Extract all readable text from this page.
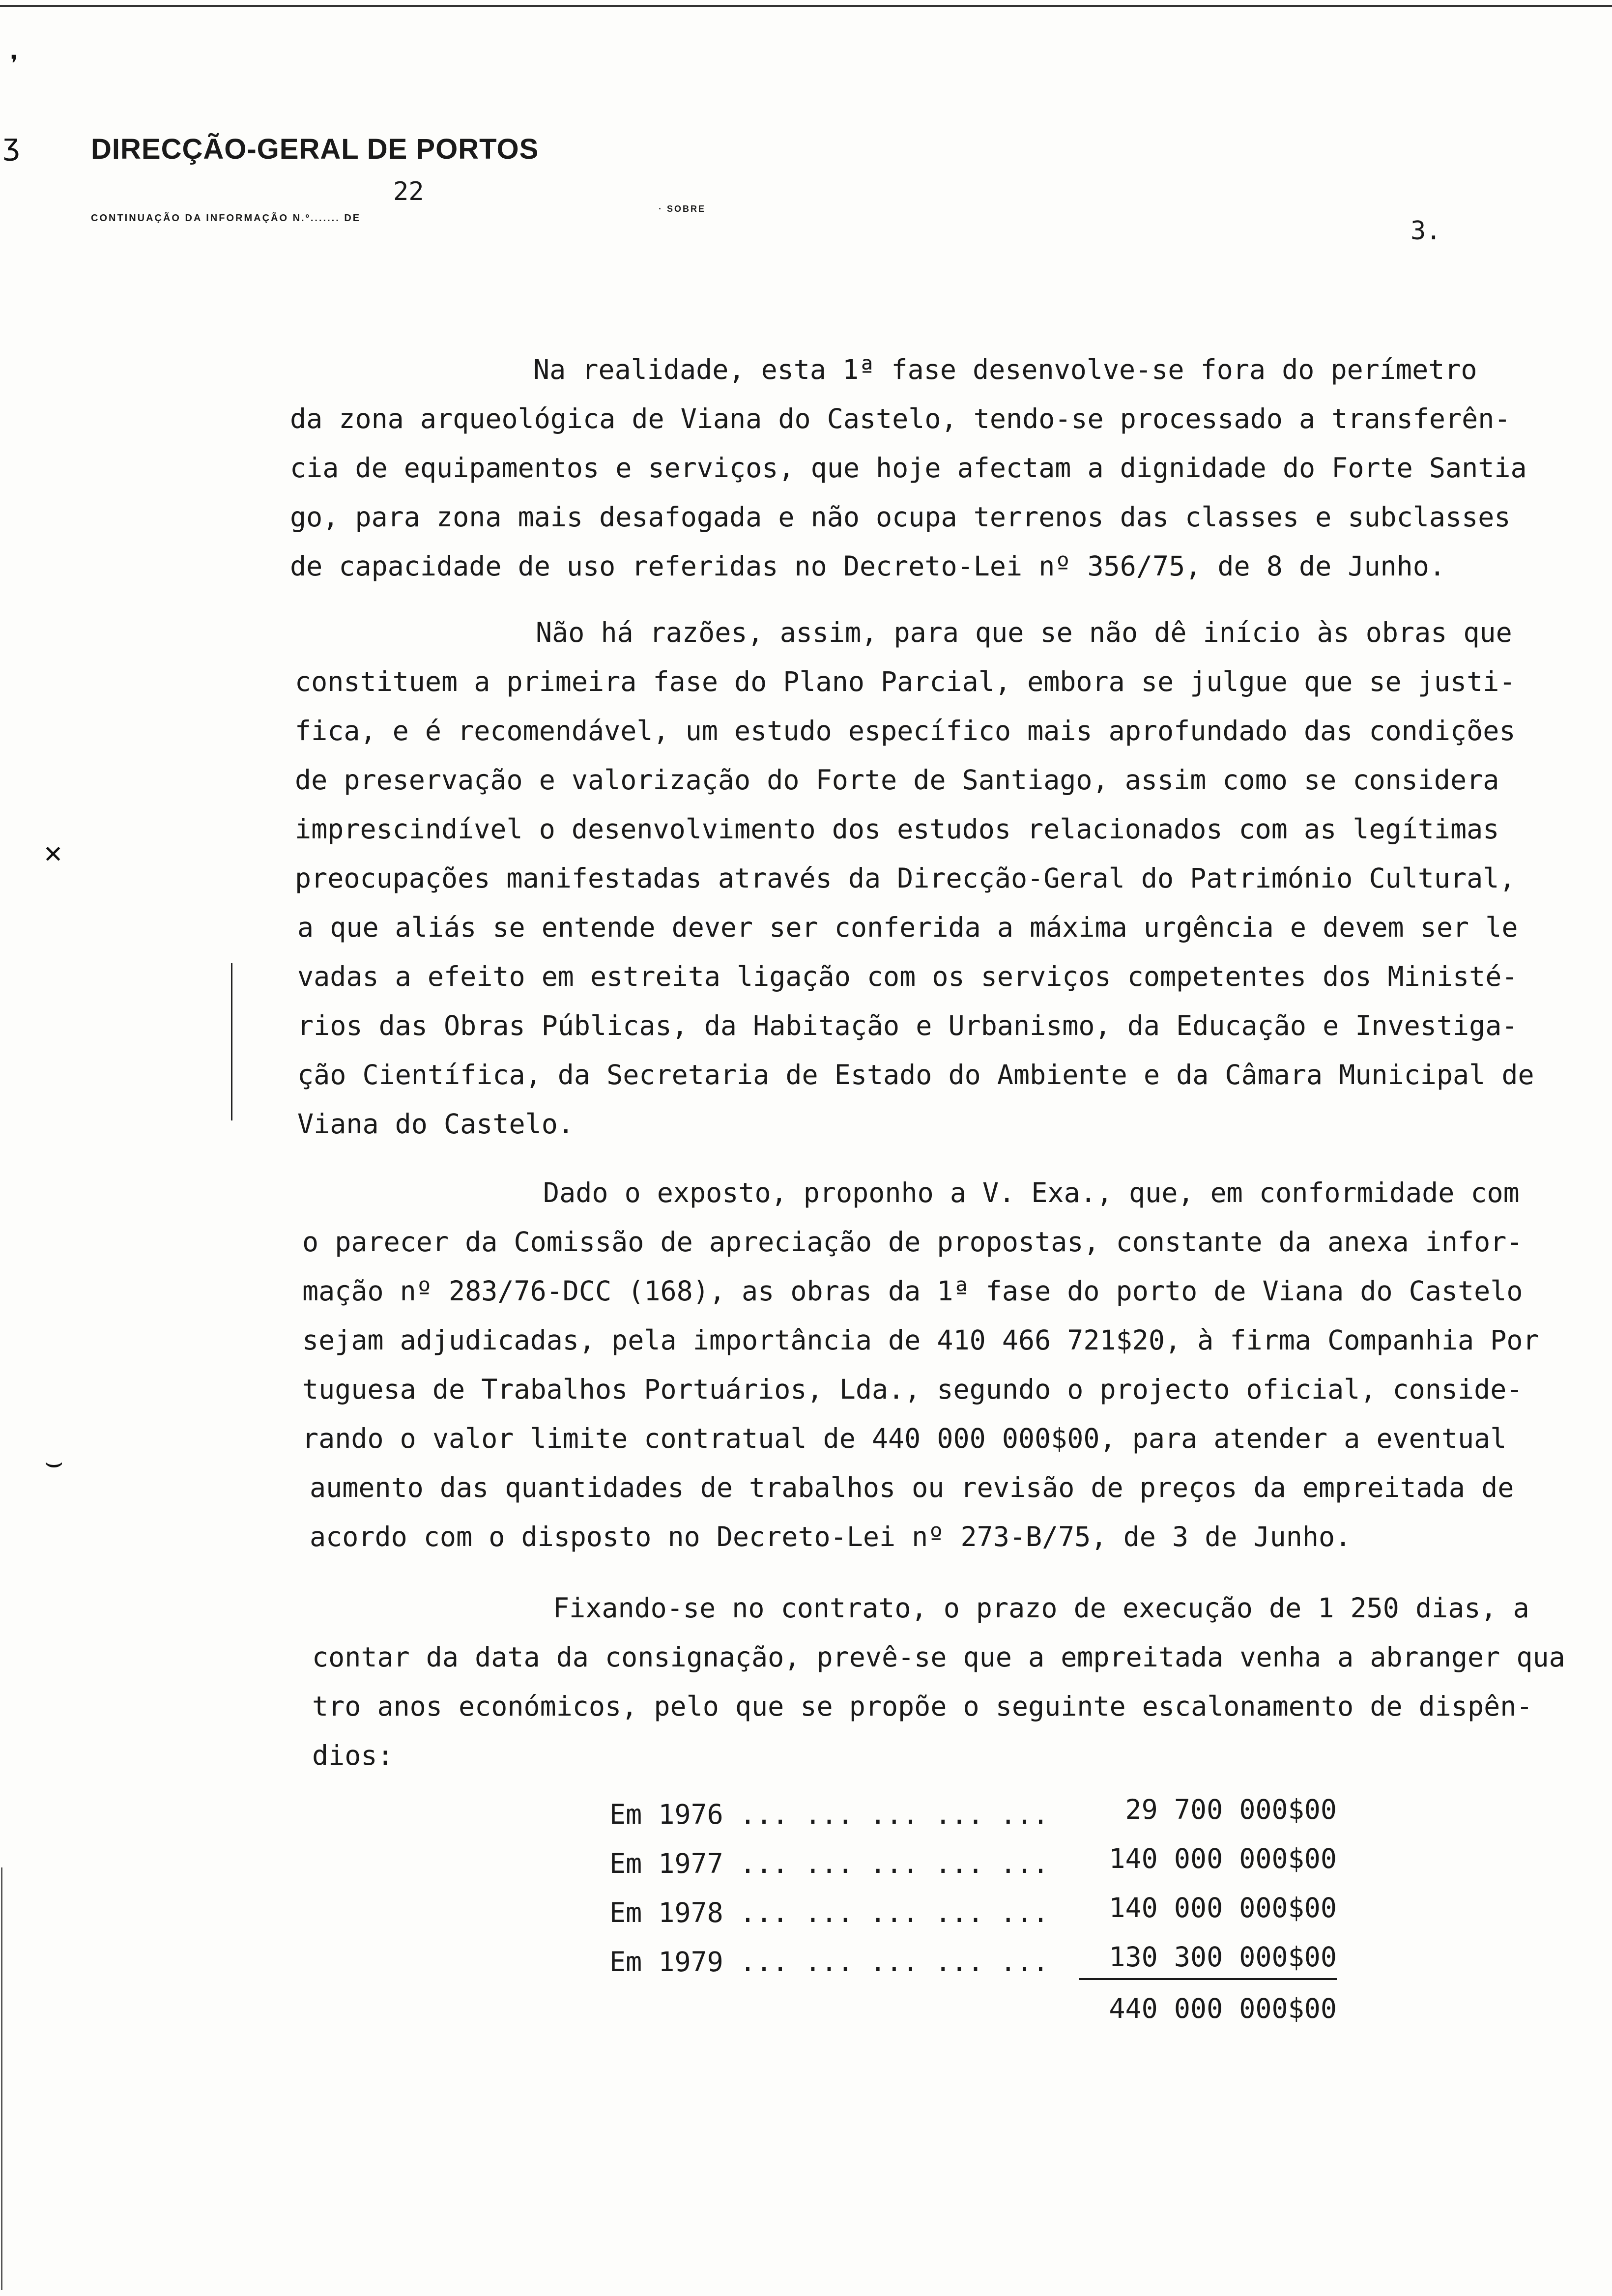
❜
ʒ DIRECÇÃO-GERAL DE PORTOS
22
CONTINUAÇÃO DA INFORMAÇÃO N.º....... DE
· SOBRE
3.
Na realidade, esta 1ª fase desenvolve-se fora do perímetro
da zona arqueológica de Viana do Castelo, tendo-se processado a transferên-
cia de equipamentos e serviços, que hoje afectam a dignidade do Forte Santia
go, para zona mais desafogada e não ocupa terrenos das classes e subclasses
de capacidade de uso referidas no Decreto-Lei nº 356/75, de 8 de Junho.
Não há razões, assim, para que se não dê início às obras que
constituem a primeira fase do Plano Parcial, embora se julgue que se justi-
fica, e é recomendável, um estudo específico mais aprofundado das condições
de preservação e valorização do Forte de Santiago, assim como se considera
imprescindível o desenvolvimento dos estudos relacionados com as legítimas
preocupações manifestadas através da Direcção-Geral do Património Cultural,
a que aliás se entende dever ser conferida a máxima urgência e devem ser le
vadas a efeito em estreita ligação com os serviços competentes dos Ministé-
rios das Obras Públicas, da Habitação e Urbanismo, da Educação e Investiga-
ção Científica, da Secretaria de Estado do Ambiente e da Câmara Municipal de
Viana do Castelo.
Dado o exposto, proponho a V. Exa., que, em conformidade com
o parecer da Comissão de apreciação de propostas, constante da anexa infor-
mação nº 283/76-DCC (168), as obras da 1ª fase do porto de Viana do Castelo
sejam adjudicadas, pela importância de 410 466 721$20, à firma Companhia Por
tuguesa de Trabalhos Portuários, Lda., segundo o projecto oficial, conside-
rando o valor limite contratual de 440 000 000$00, para atender a eventual
aumento das quantidades de trabalhos ou revisão de preços da empreitada de
acordo com o disposto no Decreto-Lei nº 273-B/75, de 3 de Junho.
Fixando-se no contrato, o prazo de execução de 1 250 dias, a
contar da data da consignação, prevê-se que a empreitada venha a abranger qua
tro anos económicos, pelo que se propõe o seguinte escalonamento de dispên-
dios:
Em 1976 ... ... ... ... ...	29 700 000$00
Em 1977 ... ... ... ... ...	140 000 000$00
Em 1978 ... ... ... ... ...	140 000 000$00
Em 1979 ... ... ... ... ...	130 300 000$00
440 000 000$00
✕
⌣
